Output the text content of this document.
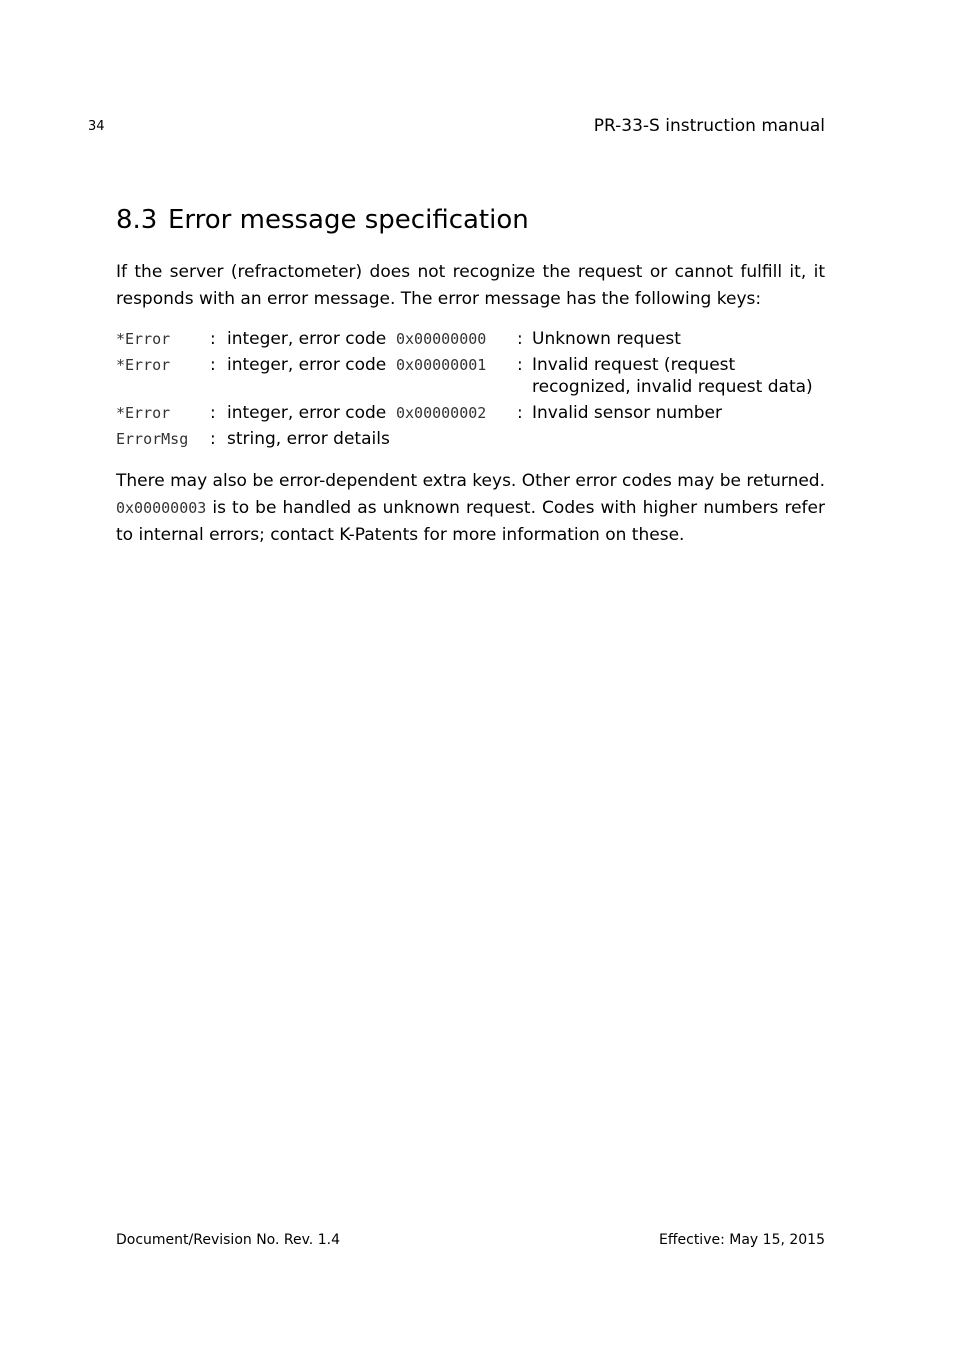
34	PR-33-S instruction manual
8.3 Error message specification

If the server (refractometer) does not recognize the request or cannot fulfill it, it responds with an error message. The error message has the following keys:

*Error	:	integer, error code	0x00000000	:	Unknown request
*Error	:	integer, error code	0x00000001	:	Invalid request (request recognized, invalid request data)
*Error	:	integer, error code	0x00000002	:	Invalid sensor number
ErrorMsg	:	string, error details			

There may also be error-dependent extra keys. Other error codes may be returned. 0x00000003 is to be handled as unknown request. Codes with higher numbers refer to internal errors; contact K-Patents for more information on these.

Document/Revision No. Rev. 1.4	Effective: May 15, 2015
